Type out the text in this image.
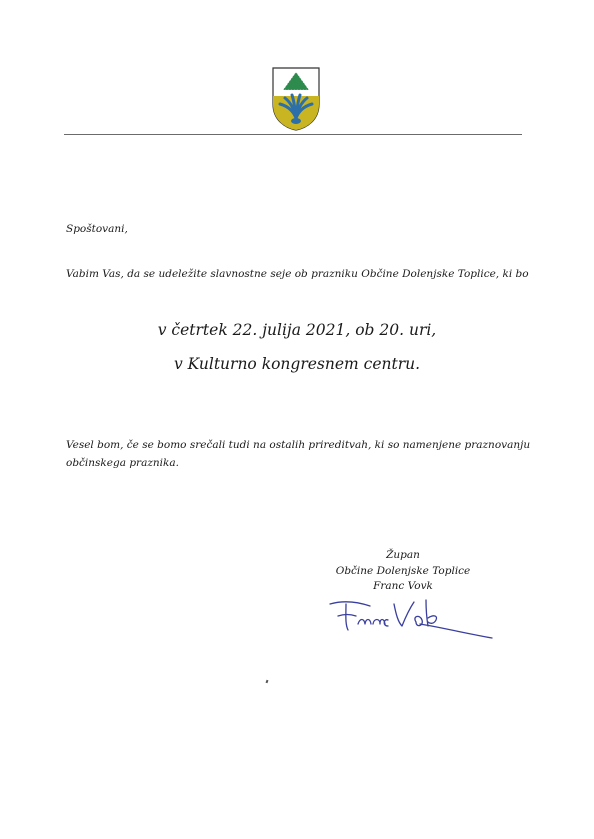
Spoštovani,
Vabim Vas, da se udeležite slavnostne seje ob prazniku Občine Dolenjske Toplice, ki bo
v četrtek 22. julija 2021, ob 20. uri,
v Kulturno kongresnem centru.
Vesel bom, če se bomo srečali tudi na ostalih prireditvah, ki so namenjene praznovanju
občinskega praznika.
Župan
Občine Dolenjske Toplice
Franc Vovk
